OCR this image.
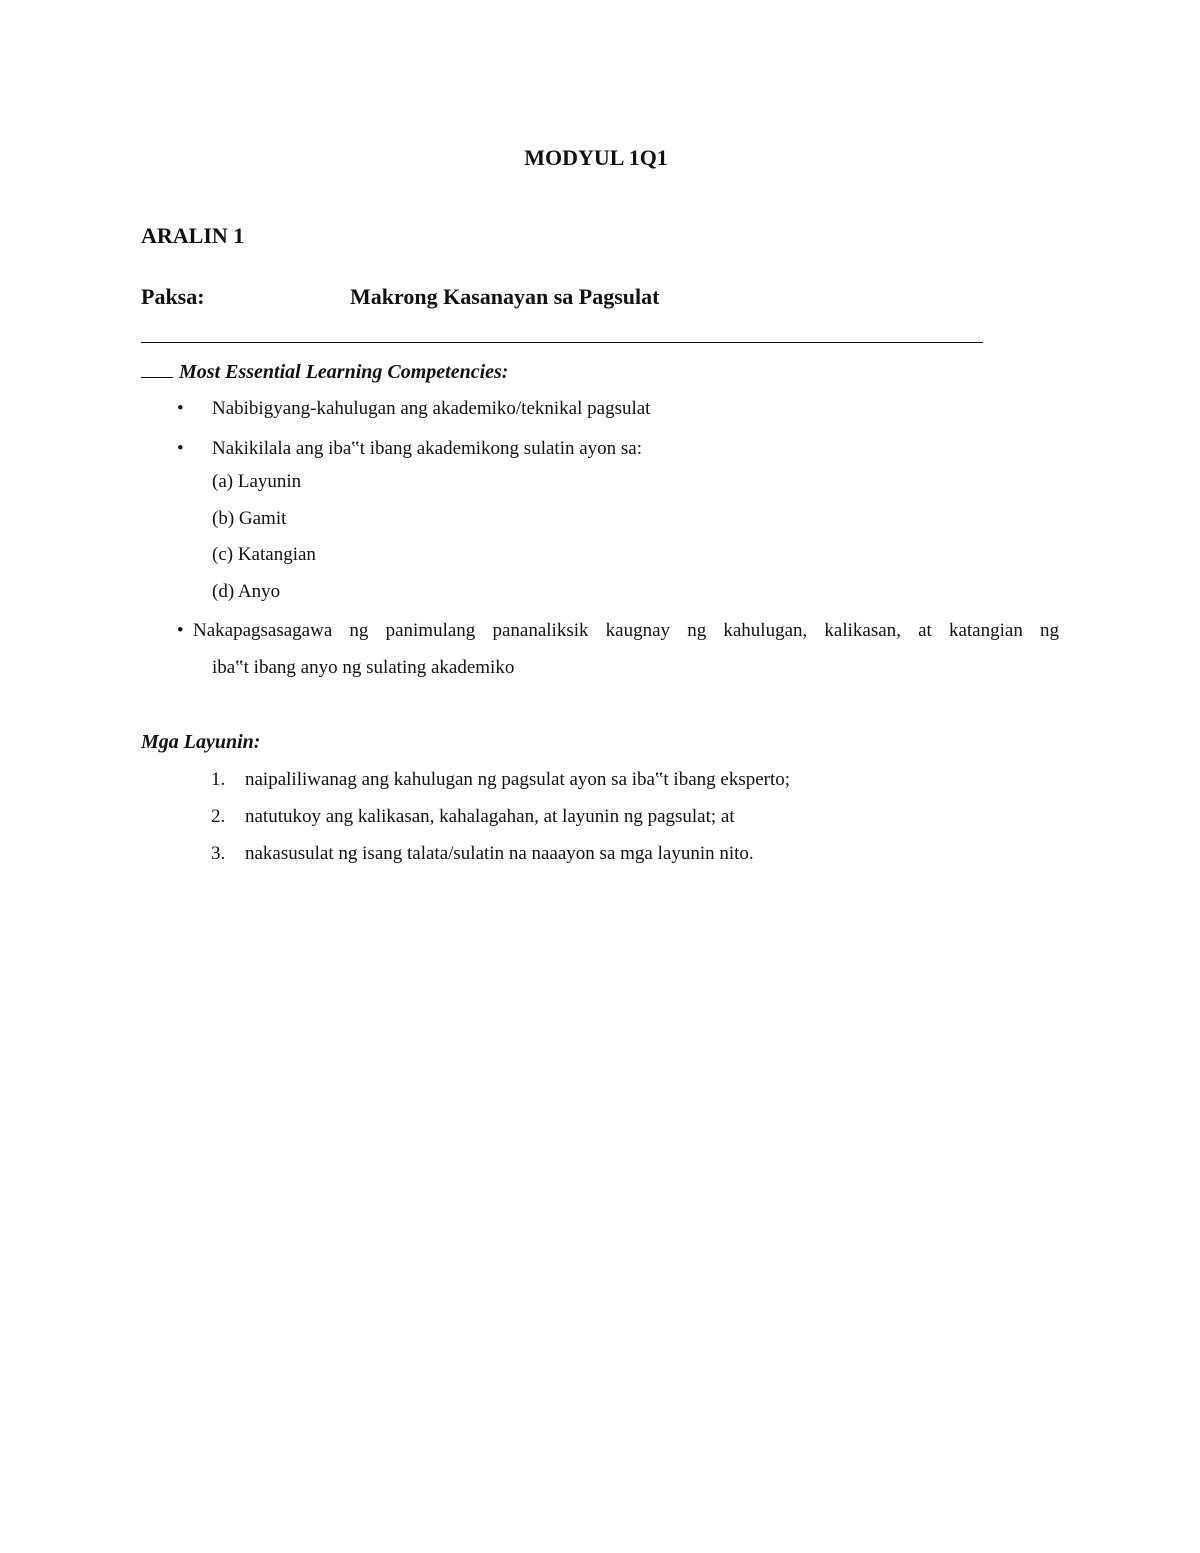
MODYUL 1Q1
ARALIN 1
Paksa:	Makrong Kasanayan sa Pagsulat
Most Essential Learning Competencies:
• Nabibigyang-kahulugan ang akademiko/teknikal pagsulat
• Nakikilala ang iba‟t ibang akademikong sulatin ayon sa:
(a) Layunin
(b) Gamit
(c) Katangian
(d) Anyo
• Nakapagsasagawa ng panimulang pananaliksik kaugnay ng kahulugan, kalikasan, at katangian ng
iba‟t ibang anyo ng sulating akademiko
Mga Layunin:
1. naipaliliwanag ang kahulugan ng pagsulat ayon sa iba‟t ibang eksperto;
2. natutukoy ang kalikasan, kahalagahan, at layunin ng pagsulat; at
3. nakasusulat ng isang talata/sulatin na naaayon sa mga layunin nito.
